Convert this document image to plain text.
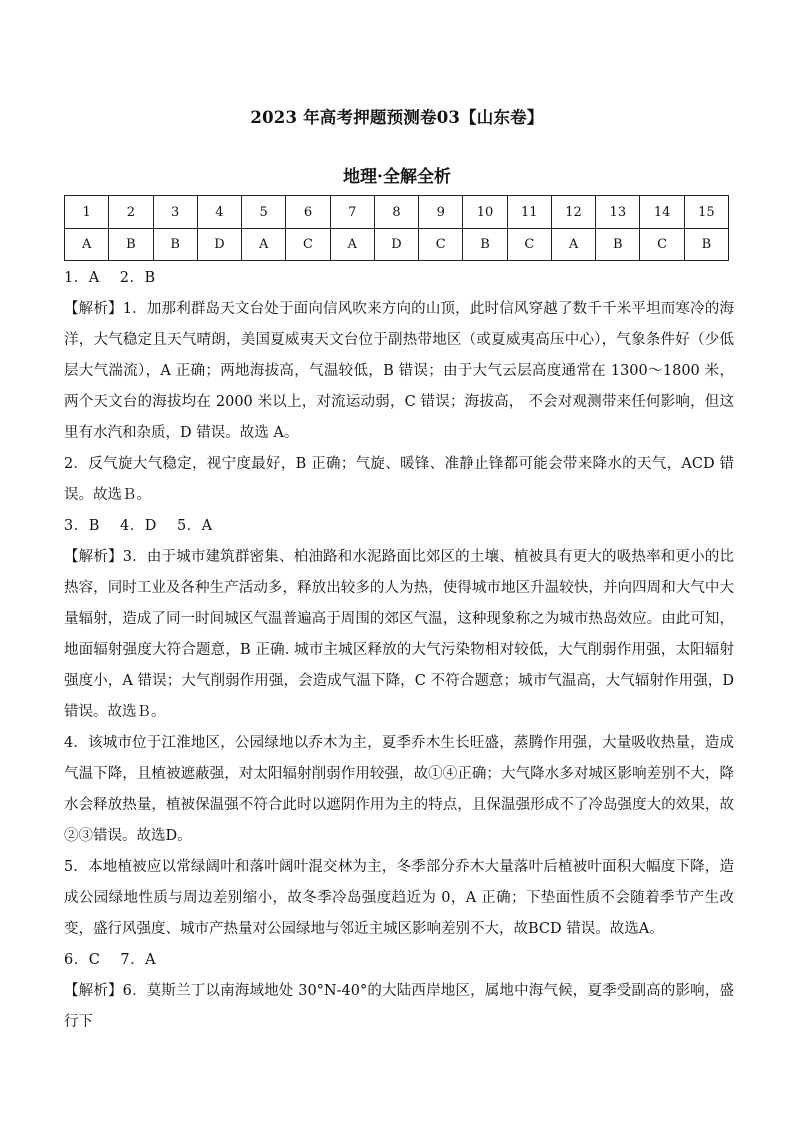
2023 年高考押题预测卷03【山东卷】
地理·全解全析
1	2	3	4	5	6	7	8	9	10	11	12	13	14	15
A	B	B	D	A	C	A	D	C	B	C	A	B	C	B

1．A　 2．B

【解析】1．加那利群岛天文台处于面向信风吹来方向的山顶，此时信风穿越了数千千米平坦而寒冷的海洋，大气稳定且天气晴朗，美国夏威夷天文台位于副热带地区（或夏威夷高压中心），气象条件好（少低层大气湍流），A 正确；两地海拔高，气温较低，B 错误；由于大气云层高度通常在 1300～1800 米，两个天文台的海拔均在 2000 米以上，对流运动弱，C 错误；海拔高， 不会对观测带来任何影响，但这里有水汽和杂质，D 错误。故选 A。

2．反气旋大气稳定，视宁度最好，B 正确；气旋、暖锋、准静止锋都可能会带来降水的天气，ACD 错误。故选Ｂ。

3．B　 4．D　 5．A

【解析】3．由于城市建筑群密集、柏油路和水泥路面比郊区的土壤、植被具有更大的吸热率和更小的比热容，同时工业及各种生产活动多，释放出较多的人为热，使得城市地区升温较快，并向四周和大气中大量辐射，造成了同一时间城区气温普遍高于周围的郊区气温，这种现象称之为城市热岛效应。由此可知，地面辐射强度大符合题意，B 正确. 城市主城区释放的大气污染物相对较低，大气削弱作用强，太阳辐射强度小，A 错误；大气削弱作用强，会造成气温下降，C 不符合题意；城市气温高，大气辐射作用强，D 错误。故选Ｂ。

4．该城市位于江淮地区，公园绿地以乔木为主，夏季乔木生长旺盛，蒸腾作用强，大量吸收热量，造成气温下降，且植被遮蔽强，对太阳辐射削弱作用较强，故①④正确；大气降水多对城区影响差别不大，降水会释放热量，植被保温强不符合此时以遮阴作用为主的特点，且保温强形成不了冷岛强度大的效果，故②③错误。故选D。

5．本地植被应以常绿阔叶和落叶阔叶混交林为主，冬季部分乔木大量落叶后植被叶面积大幅度下降，造成公园绿地性质与周边差别缩小，故冬季冷岛强度趋近为 0，A 正确；下垫面性质不会随着季节产生改变，盛行风强度、城市产热量对公园绿地与邻近主城区影响差别不大，故BCD 错误。故选A。

6．C　 7．A

【解析】6．莫斯兰丁以南海域地处 30°N-40°的大陆西岸地区，属地中海气候，夏季受副高的影响，盛行下
